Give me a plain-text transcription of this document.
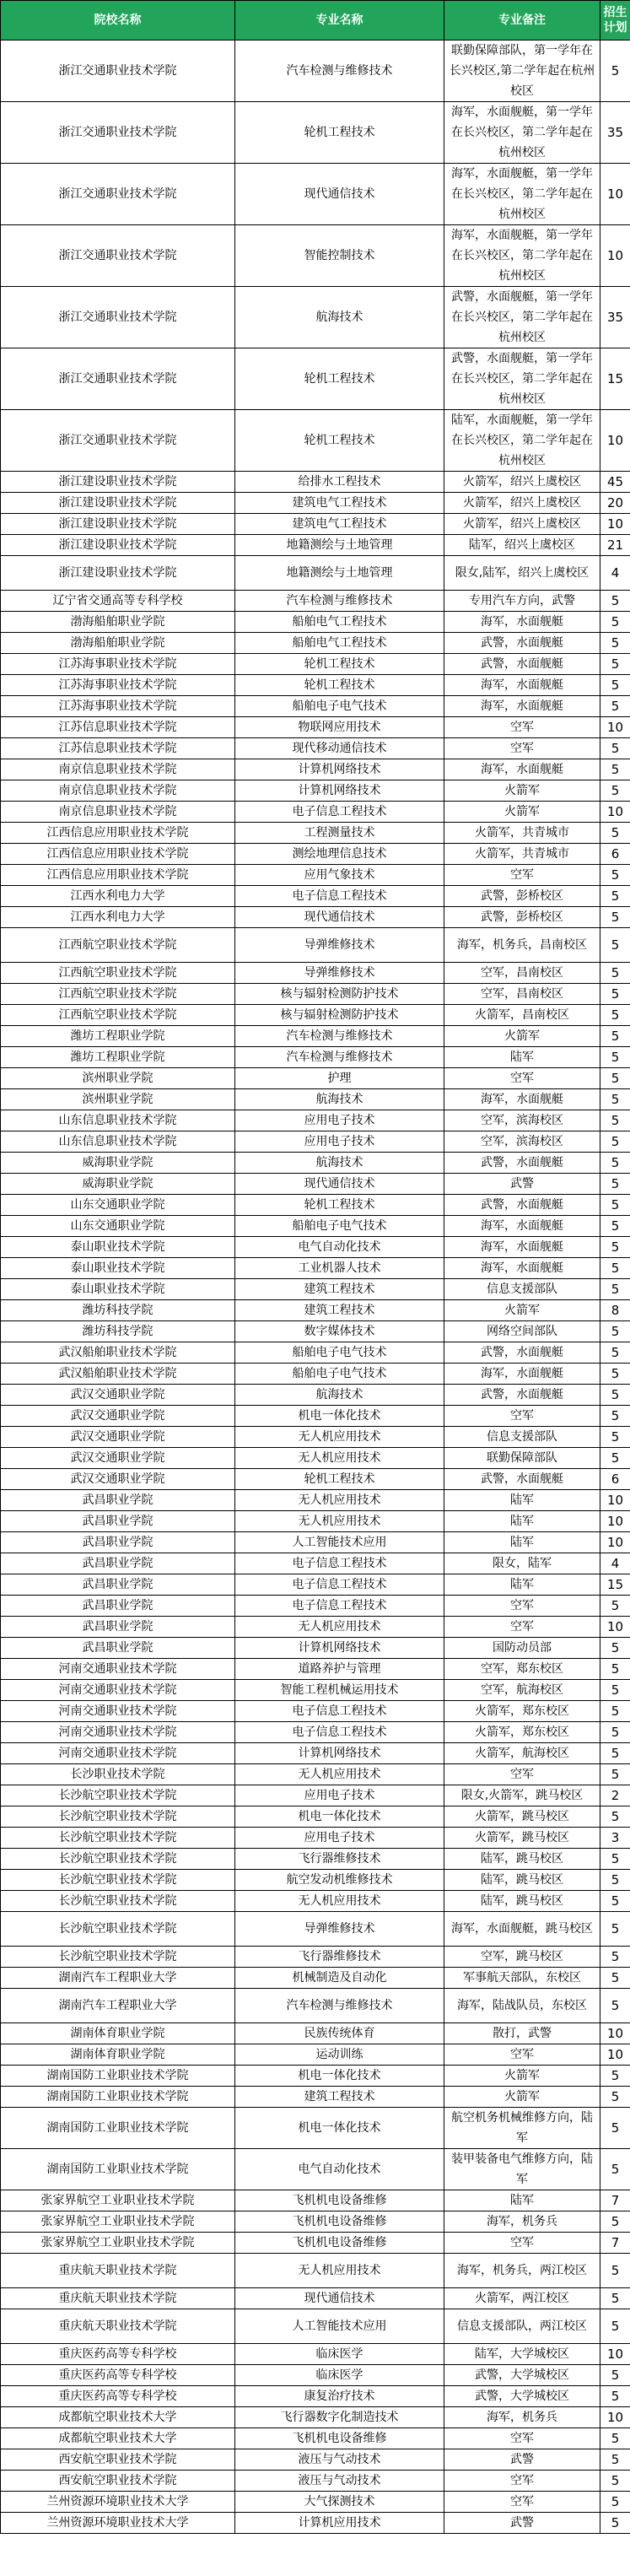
院校名称	专业名称	专业备注	招生计划
浙江交通职业技术学院	汽车检测与维修技术	联勤保障部队，第一学年在长兴校区,第二学年起在杭州校区	5
浙江交通职业技术学院	轮机工程技术	海军，水面舰艇，第一学年在长兴校区，第二学年起在杭州校区	35
浙江交通职业技术学院	现代通信技术	海军，水面舰艇，第一学年在长兴校区，第二学年起在杭州校区	10
浙江交通职业技术学院	智能控制技术	海军，水面舰艇，第一学年在长兴校区，第二学年起在杭州校区	10
浙江交通职业技术学院	航海技术	武警，水面舰艇，第一学年在长兴校区，第二学年起在杭州校区	35
浙江交通职业技术学院	轮机工程技术	武警，水面舰艇，第一学年在长兴校区，第二学年起在杭州校区	15
浙江交通职业技术学院	轮机工程技术	陆军，水面舰艇，第一学年在长兴校区，第二学年起在杭州校区	10
浙江建设职业技术学院	给排水工程技术	火箭军，绍兴上虞校区	45
浙江建设职业技术学院	建筑电气工程技术	火箭军，绍兴上虞校区	20
浙江建设职业技术学院	建筑电气工程技术	火箭军，绍兴上虞校区	10
浙江建设职业技术学院	地籍测绘与土地管理	陆军，绍兴上虞校区	21
浙江建设职业技术学院	地籍测绘与土地管理	限女,陆军，绍兴上虞校区	4
辽宁省交通高等专科学校	汽车检测与维修技术	专用汽车方向，武警	5
渤海船舶职业学院	船舶电气工程技术	海军，水面舰艇	5
渤海船舶职业学院	船舶电气工程技术	武警，水面舰艇	5
江苏海事职业技术学院	轮机工程技术	武警，水面舰艇	5
江苏海事职业技术学院	轮机工程技术	海军，水面舰艇	5
江苏海事职业技术学院	船舶电子电气技术	海军，水面舰艇	5
江苏信息职业技术学院	物联网应用技术	空军	10
江苏信息职业技术学院	现代移动通信技术	空军	5
南京信息职业技术学院	计算机网络技术	海军，水面舰艇	5
南京信息职业技术学院	计算机网络技术	火箭军	5
南京信息职业技术学院	电子信息工程技术	火箭军	10
江西信息应用职业技术学院	工程测量技术	火箭军，共青城市	5
江西信息应用职业技术学院	测绘地理信息技术	火箭军，共青城市	6
江西信息应用职业技术学院	应用气象技术	空军	5
江西水利电力大学	电子信息工程技术	武警，彭桥校区	5
江西水利电力大学	现代通信技术	武警，彭桥校区	5
江西航空职业技术学院	导弹维修技术	海军，机务兵，昌南校区	5
江西航空职业技术学院	导弹维修技术	空军，昌南校区	5
江西航空职业技术学院	核与辐射检测防护技术	空军，昌南校区	5
江西航空职业技术学院	核与辐射检测防护技术	火箭军，昌南校区	5
潍坊工程职业学院	汽车检测与维修技术	火箭军	5
潍坊工程职业学院	汽车检测与维修技术	陆军	5
滨州职业学院	护理	空军	5
滨州职业学院	航海技术	海军，水面舰艇	5
山东信息职业技术学院	应用电子技术	空军，滨海校区	5
山东信息职业技术学院	应用电子技术	空军，滨海校区	5
威海职业学院	航海技术	武警，水面舰艇	5
威海职业学院	现代通信技术	武警	5
山东交通职业学院	轮机工程技术	武警，水面舰艇	5
山东交通职业学院	船舶电子电气技术	海军，水面舰艇	5
泰山职业技术学院	电气自动化技术	海军，水面舰艇	5
泰山职业技术学院	工业机器人技术	海军，水面舰艇	5
泰山职业技术学院	建筑工程技术	信息支援部队	5
潍坊科技学院	建筑工程技术	火箭军	8
潍坊科技学院	数字媒体技术	网络空间部队	5
武汉船舶职业技术学院	船舶电子电气技术	武警，水面舰艇	5
武汉船舶职业技术学院	船舶电子电气技术	海军，水面舰艇	5
武汉交通职业学院	航海技术	武警，水面舰艇	5
武汉交通职业学院	机电一体化技术	空军	5
武汉交通职业学院	无人机应用技术	信息支援部队	5
武汉交通职业学院	无人机应用技术	联勤保障部队	5
武汉交通职业学院	轮机工程技术	武警，水面舰艇	6
武昌职业学院	无人机应用技术	陆军	10
武昌职业学院	无人机应用技术	陆军	10
武昌职业学院	人工智能技术应用	陆军	10
武昌职业学院	电子信息工程技术	限女，陆军	4
武昌职业学院	电子信息工程技术	陆军	15
武昌职业学院	电子信息工程技术	空军	5
武昌职业学院	无人机应用技术	空军	10
武昌职业学院	计算机网络技术	国防动员部	5
河南交通职业技术学院	道路养护与管理	空军，郑东校区	5
河南交通职业技术学院	智能工程机械运用技术	空军，航海校区	5
河南交通职业技术学院	电子信息工程技术	火箭军，郑东校区	5
河南交通职业技术学院	电子信息工程技术	火箭军，郑东校区	5
河南交通职业技术学院	计算机网络技术	火箭军，航海校区	5
长沙职业技术学院	无人机应用技术	空军	5
长沙航空职业技术学院	应用电子技术	限女,火箭军，跳马校区	2
长沙航空职业技术学院	机电一体化技术	火箭军，跳马校区	5
长沙航空职业技术学院	应用电子技术	火箭军，跳马校区	3
长沙航空职业技术学院	飞行器维修技术	陆军，跳马校区	5
长沙航空职业技术学院	航空发动机维修技术	陆军，跳马校区	5
长沙航空职业技术学院	无人机应用技术	陆军，跳马校区	5
长沙航空职业技术学院	导弹维修技术	海军，水面舰艇，跳马校区	5
长沙航空职业技术学院	飞行器维修技术	空军，跳马校区	5
湖南汽车工程职业大学	机械制造及自动化	军事航天部队，东校区	5
湖南汽车工程职业大学	汽车检测与维修技术	海军，陆战队员，东校区	5
湖南体育职业学院	民族传统体育	散打，武警	10
湖南体育职业学院	运动训练	空军	10
湖南国防工业职业技术学院	机电一体化技术	火箭军	5
湖南国防工业职业技术学院	建筑工程技术	火箭军	5
湖南国防工业职业技术学院	机电一体化技术	航空机务机械维修方向，陆军	5
湖南国防工业职业技术学院	电气自动化技术	装甲装备电气维修方向，陆军	5
张家界航空工业职业技术学院	飞机机电设备维修	陆军	7
张家界航空工业职业技术学院	飞机机电设备维修	海军，机务兵	5
张家界航空工业职业技术学院	飞机机电设备维修	空军	7
重庆航天职业技术学院	无人机应用技术	海军，机务兵，两江校区	5
重庆航天职业技术学院	现代通信技术	火箭军，两江校区	5
重庆航天职业技术学院	人工智能技术应用	信息支援部队，两江校区	5
重庆医药高等专科学校	临床医学	陆军，大学城校区	10
重庆医药高等专科学校	临床医学	武警，大学城校区	5
重庆医药高等专科学校	康复治疗技术	武警，大学城校区	5
成都航空职业技术大学	飞行器数字化制造技术	海军，机务兵	10
成都航空职业技术大学	飞机机电设备维修	空军	5
西安航空职业技术学院	液压与气动技术	武警	5
西安航空职业技术学院	液压与气动技术	空军	5
兰州资源环境职业技术大学	大气探测技术	空军	5
兰州资源环境职业技术大学	计算机应用技术	武警	5
